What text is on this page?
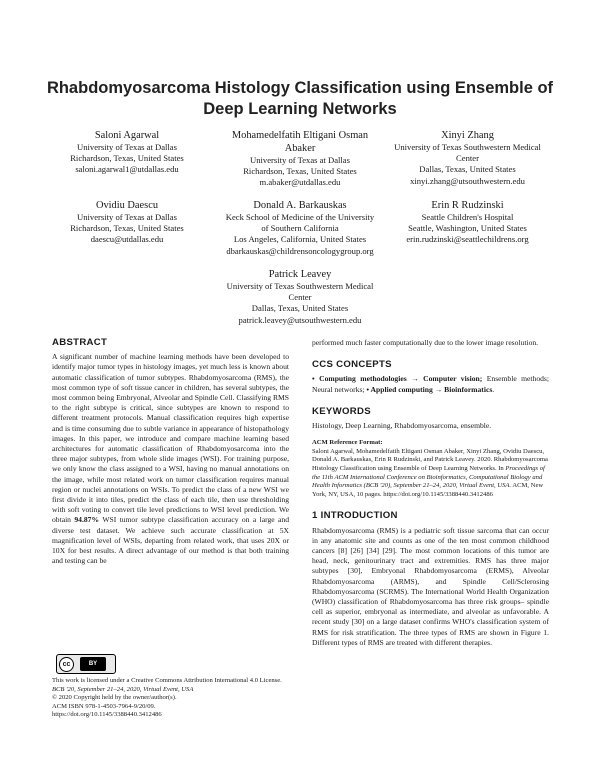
Rhabdomyosarcoma Histology Classification using Ensemble of Deep Learning Networks
Saloni Agarwal
University of Texas at Dallas
Richardson, Texas, United States
saloni.agarwal1@utdallas.edu
Mohamedelfatih Eltigani Osman Abaker
University of Texas at Dallas
Richardson, Texas, United States
m.abaker@utdallas.edu
Xinyi Zhang
University of Texas Southwestern Medical Center
Dallas, Texas, United States
xinyi.zhang@utsouthwestern.edu
Ovidiu Daescu
University of Texas at Dallas
Richardson, Texas, United States
daescu@utdallas.edu
Donald A. Barkauskas
Keck School of Medicine of the University of Southern California
Los Angeles, California, United States
dbarkauskas@childrensoncologygroup.org
Erin R Rudzinski
Seattle Children's Hospital
Seattle, Washington, United States
erin.rudzinski@seattlechildrens.org
Patrick Leavey
University of Texas Southwestern Medical Center
Dallas, Texas, United States
patrick.leavey@utsouthwestern.edu
ABSTRACT

A significant number of machine learning methods have been developed to identify major tumor types in histology images, yet much less is known about automatic classification of tumor subtypes. Rhabdomyosarcoma (RMS), the most common type of soft tissue cancer in children, has several subtypes, the most common being Embryonal, Alveolar and Spindle Cell. Classifying RMS to the right subtype is critical, since subtypes are known to respond to different treatment protocols. Manual classification requires high expertise and is time consuming due to subtle variance in appearance of histopathology images. In this paper, we introduce and compare machine learning based architectures for automatic classification of Rhabdomyosarcoma into the three major subtypes, from whole slide images (WSI). For training purpose, we only know the class assigned to a WSI, having no manual annotations on the image, while most related work on tumor classification requires manual region or nuclei annotations on WSIs. To predict the class of a new WSI we first divide it into tiles, predict the class of each tile, then use thresholding with soft voting to convert tile level predictions to WSI level prediction. We obtain 94.87% WSI tumor subtype classification accuracy on a large and diverse test dataset. We achieve such accurate classification at 5X magnification level of WSIs, departing from related work, that uses 20X or 10X for best results. A direct advantage of our method is that both training and testing can be

cc	BY
This work is licensed under a Creative Commons Attribution International 4.0 License.
BCB '20, September 21–24, 2020, Virtual Event, USA
© 2020 Copyright held by the owner/author(s).
ACM ISBN 978-1-4503-7964-9/20/09.
https://doi.org/10.1145/3388440.3412486

performed much faster computationally due to the lower image resolution.

CCS CONCEPTS

• Computing methodologies → Computer vision; Ensemble methods; Neural networks; • Applied computing → Bioinformatics.

KEYWORDS

Histology, Deep Learning, Rhabdomyosarcoma, ensemble.

ACM Reference Format:

Saloni Agarwal, Mohamedelfatih Eltigani Osman Abaker, Xinyi Zhang, Ovidiu Daescu, Donald A. Barkauskas, Erin R Rudzinski, and Patrick Leavey. 2020. Rhabdomyosarcoma Histology Classification using Ensemble of Deep Learning Networks. In Proceedings of the 11th ACM International Conference on Bioinformatics, Computational Biology and Health Informatics (BCB '20), September 21–24, 2020, Virtual Event, USA. ACM, New York, NY, USA, 10 pages. https://doi.org/10.1145/3388440.3412486

1 INTRODUCTION

Rhabdomyosarcoma (RMS) is a pediatric soft tissue sarcoma that can occur in any anatomic site and counts as one of the ten most common childhood cancers [8] [26] [34] [29]. The most common locations of this tumor are head, neck, genitourinary tract and extremities. RMS has three major subtypes [30], Embryonal Rhabdomyosarcoma (ERMS), Alveolar Rhabdomyosarcoma (ARMS), and Spindle Cell/Sclerosing Rhabdomyosarcoma (SCRMS). The International World Health Organization (WHO) classification of Rhabdomyosarcoma has three risk groups– spindle cell as superior, embryonal as intermediate, and alveolar as unfavorable. A recent study [30] on a large dataset confirms WHO's classification system of RMS for risk stratification. The three types of RMS are shown in Figure 1. Different types of RMS are treated with different therapies.
